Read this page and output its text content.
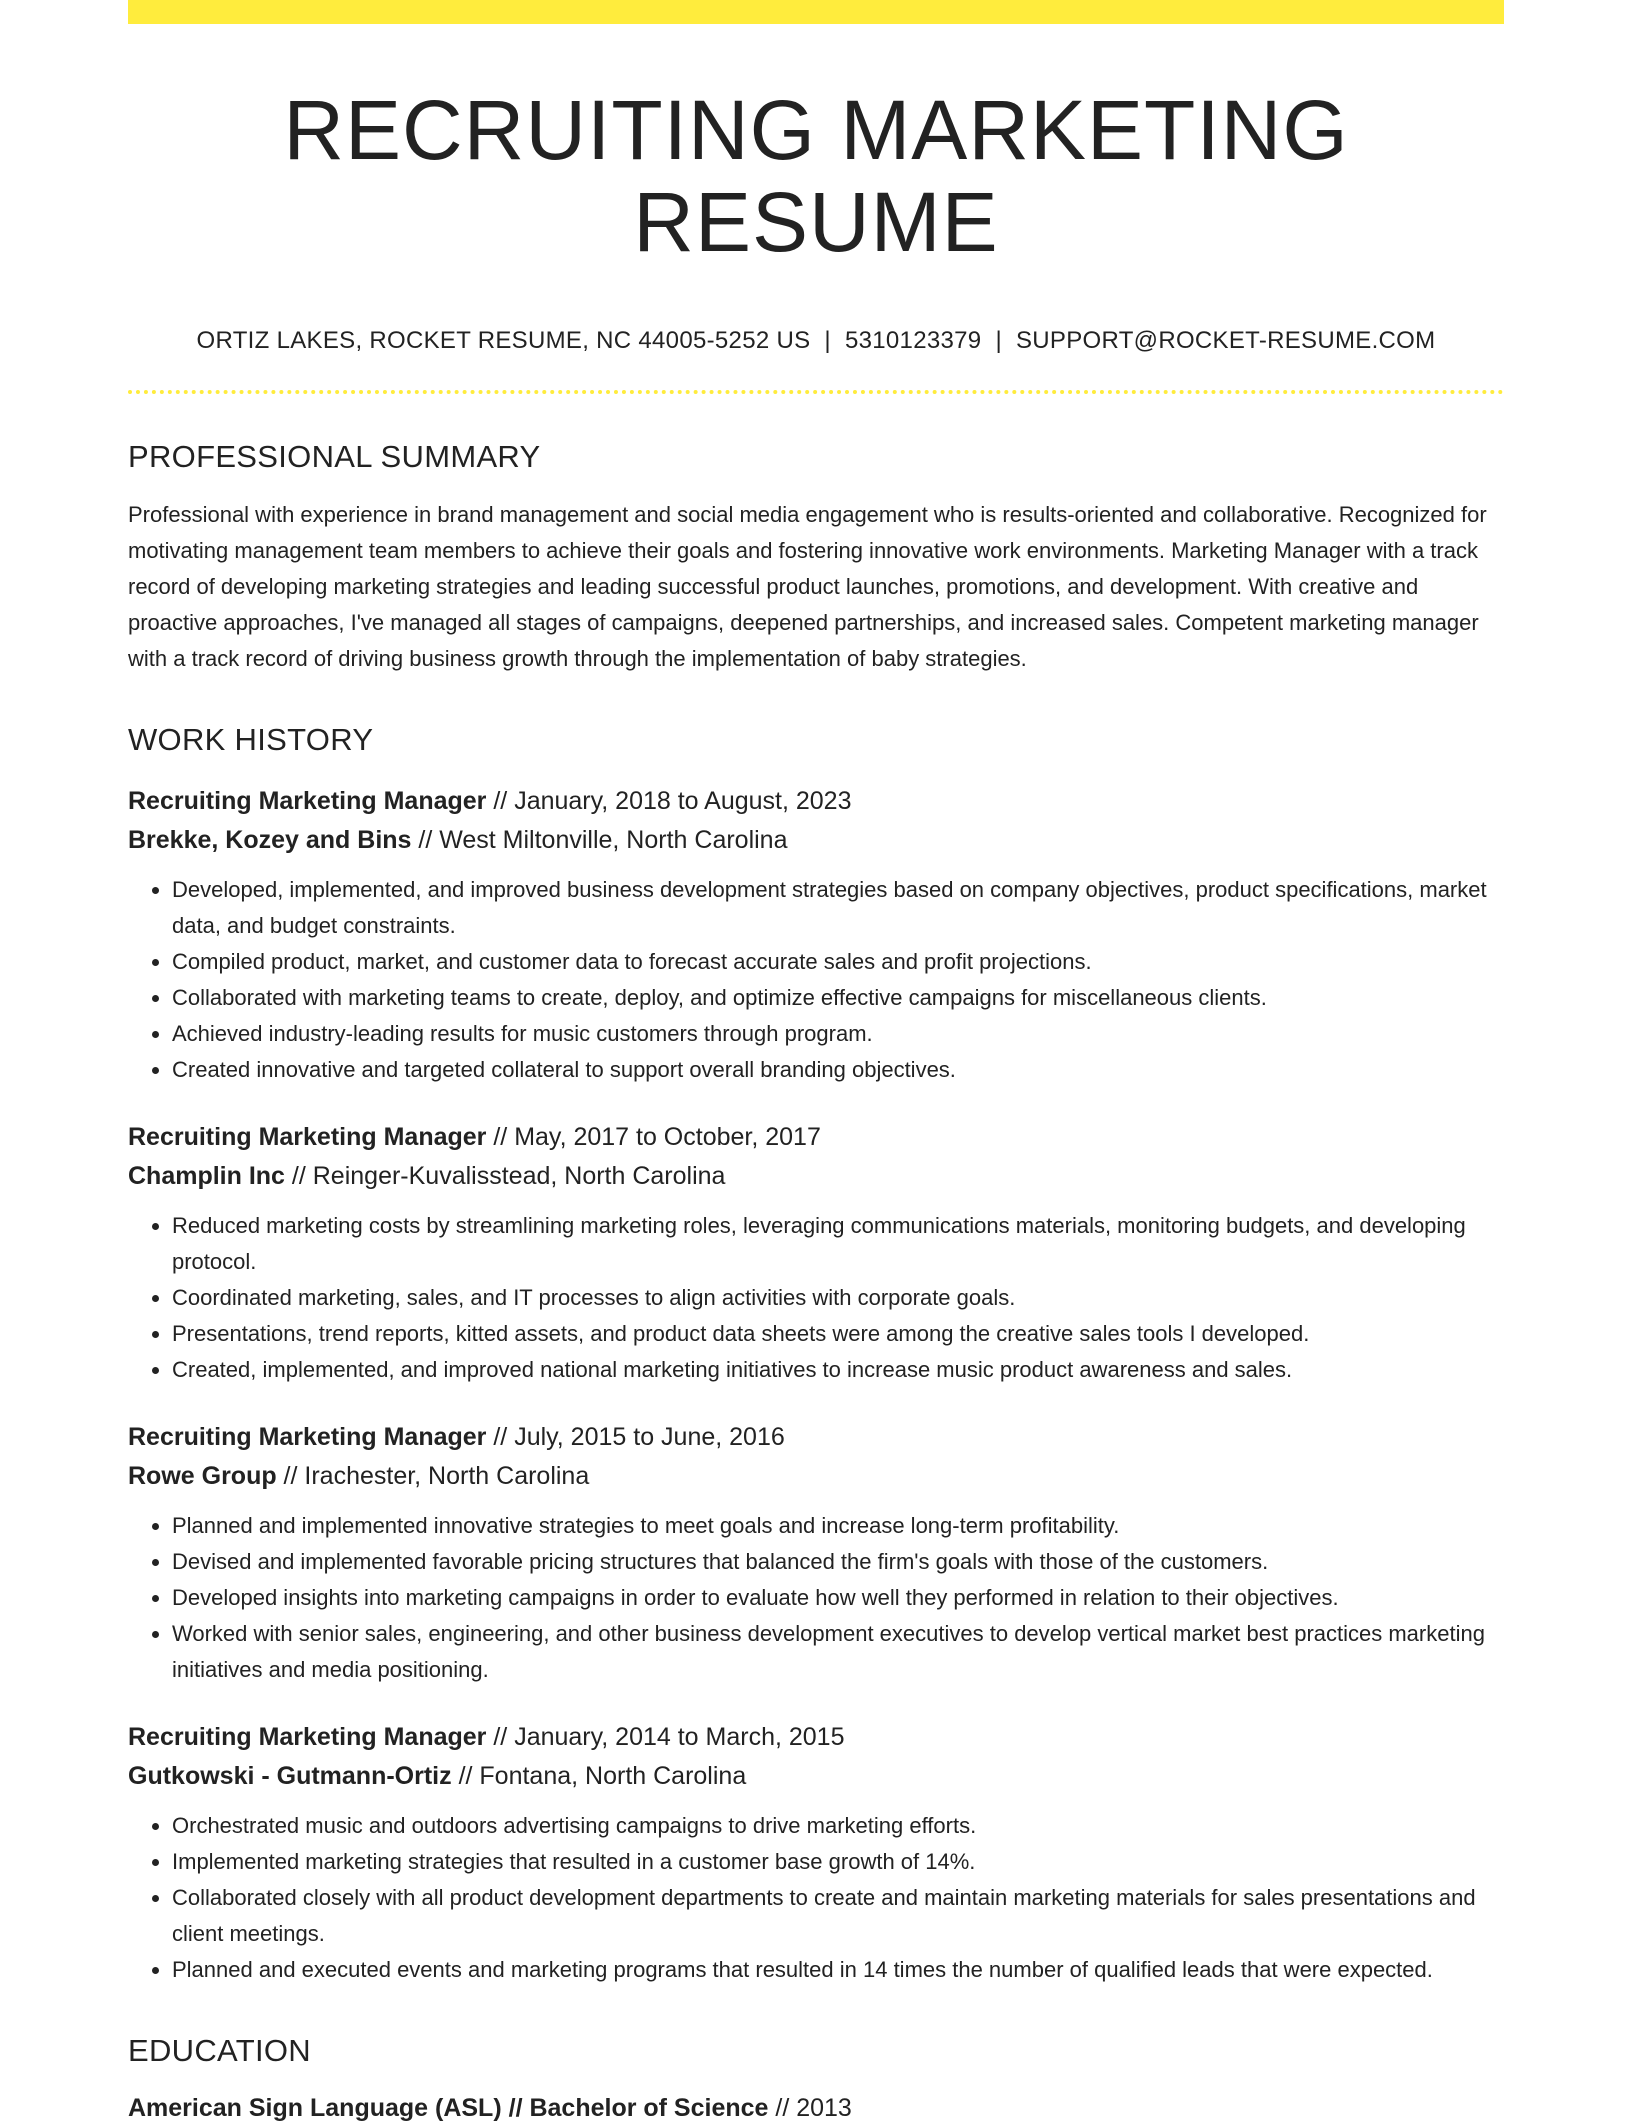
RECRUITING MARKETING RESUME
ORTIZ LAKES, ROCKET RESUME, NC 44005-5252 US | 5310123379 | SUPPORT@ROCKET-RESUME.COM
PROFESSIONAL SUMMARY
Professional with experience in brand management and social media engagement who is results-oriented and collaborative. Recognized for motivating management team members to achieve their goals and fostering innovative work environments. Marketing Manager with a track record of developing marketing strategies and leading successful product launches, promotions, and development. With creative and proactive approaches, I've managed all stages of campaigns, deepened partnerships, and increased sales. Competent marketing manager with a track record of driving business growth through the implementation of baby strategies.
WORK HISTORY
Recruiting Marketing Manager // January, 2018 to August, 2023
Brekke, Kozey and Bins // West Miltonville, North Carolina
• Developed, implemented, and improved business development strategies based on company objectives, product specifications, market data, and budget constraints.
• Compiled product, market, and customer data to forecast accurate sales and profit projections.
• Collaborated with marketing teams to create, deploy, and optimize effective campaigns for miscellaneous clients.
• Achieved industry-leading results for music customers through program.
• Created innovative and targeted collateral to support overall branding objectives.
Recruiting Marketing Manager // May, 2017 to October, 2017
Champlin Inc // Reinger-Kuvalisstead, North Carolina
• Reduced marketing costs by streamlining marketing roles, leveraging communications materials, monitoring budgets, and developing protocol.
• Coordinated marketing, sales, and IT processes to align activities with corporate goals.
• Presentations, trend reports, kitted assets, and product data sheets were among the creative sales tools I developed.
• Created, implemented, and improved national marketing initiatives to increase music product awareness and sales.
Recruiting Marketing Manager // July, 2015 to June, 2016
Rowe Group // Irachester, North Carolina
• Planned and implemented innovative strategies to meet goals and increase long-term profitability.
• Devised and implemented favorable pricing structures that balanced the firm's goals with those of the customers.
• Developed insights into marketing campaigns in order to evaluate how well they performed in relation to their objectives.
• Worked with senior sales, engineering, and other business development executives to develop vertical market best practices marketing initiatives and media positioning.
Recruiting Marketing Manager // January, 2014 to March, 2015
Gutkowski - Gutmann-Ortiz // Fontana, North Carolina
• Orchestrated music and outdoors advertising campaigns to drive marketing efforts.
• Implemented marketing strategies that resulted in a customer base growth of 14%.
• Collaborated closely with all product development departments to create and maintain marketing materials for sales presentations and client meetings.
• Planned and executed events and marketing programs that resulted in 14 times the number of qualified leads that were expected.
EDUCATION
American Sign Language (ASL) // Bachelor of Science // 2013
